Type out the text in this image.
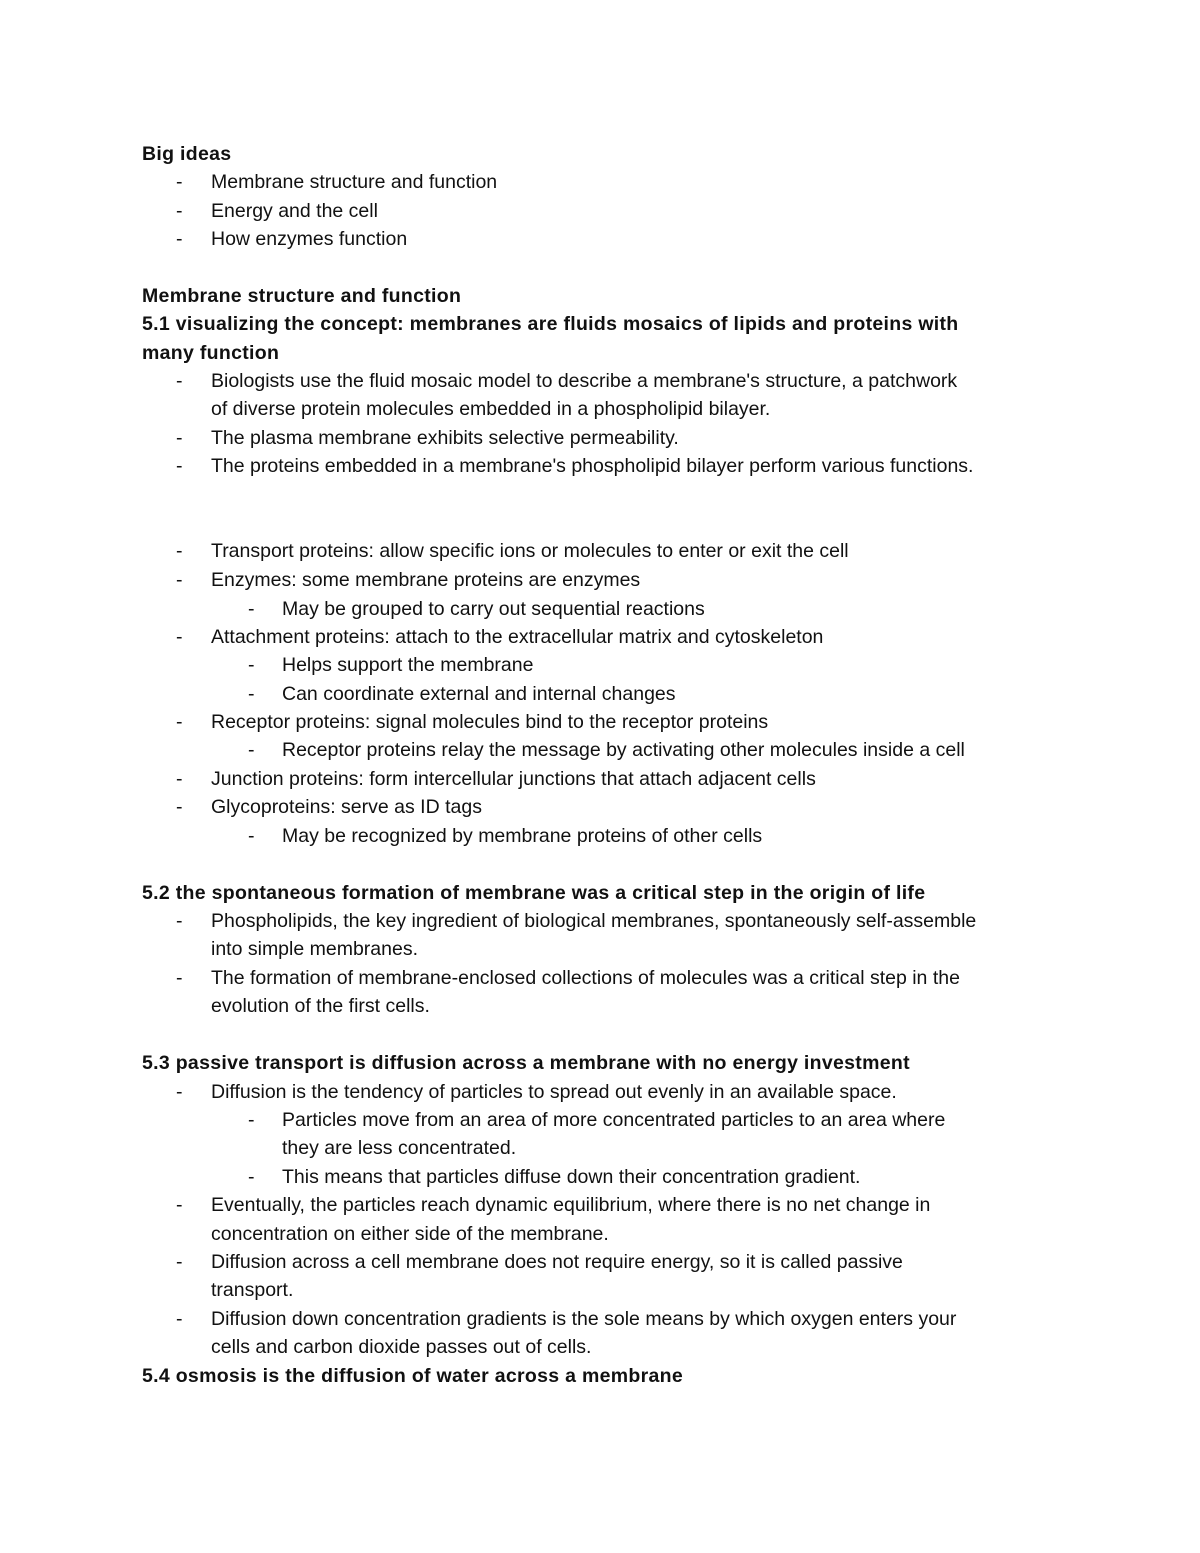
Big ideas
-	Membrane structure and function
-	Energy and the cell
-	How enzymes function
Membrane structure and function
5.1 visualizing the concept: membranes are fluids mosaics of lipids and proteins with
many function
-	Biologists use the fluid mosaic model to describe a membrane's structure, a patchwork
of diverse protein molecules embedded in a phospholipid bilayer.
-	The plasma membrane exhibits selective permeability.
-	The proteins embedded in a membrane's phospholipid bilayer perform various functions.
-	Transport proteins: allow specific ions or molecules to enter or exit the cell
-	Enzymes: some membrane proteins are enzymes
-	May be grouped to carry out sequential reactions
-	Attachment proteins: attach to the extracellular matrix and cytoskeleton
-	Helps support the membrane
-	Can coordinate external and internal changes
-	Receptor proteins: signal molecules bind to the receptor proteins
-	Receptor proteins relay the message by activating other molecules inside a cell
-	Junction proteins: form intercellular junctions that attach adjacent cells
-	Glycoproteins: serve as ID tags
-	May be recognized by membrane proteins of other cells
5.2 the spontaneous formation of membrane was a critical step in the origin of life
-	Phospholipids, the key ingredient of biological membranes, spontaneously self-assemble
into simple membranes.
-	The formation of membrane-enclosed collections of molecules was a critical step in the
evolution of the first cells.
5.3 passive transport is diffusion across a membrane with no energy investment
-	Diffusion is the tendency of particles to spread out evenly in an available space.
-	Particles move from an area of more concentrated particles to an area where
they are less concentrated.
-	This means that particles diffuse down their concentration gradient.
-	Eventually, the particles reach dynamic equilibrium, where there is no net change in
concentration on either side of the membrane.
-	Diffusion across a cell membrane does not require energy, so it is called passive
transport.
-	Diffusion down concentration gradients is the sole means by which oxygen enters your
cells and carbon dioxide passes out of cells.
5.4 osmosis is the diffusion of water across a membrane
